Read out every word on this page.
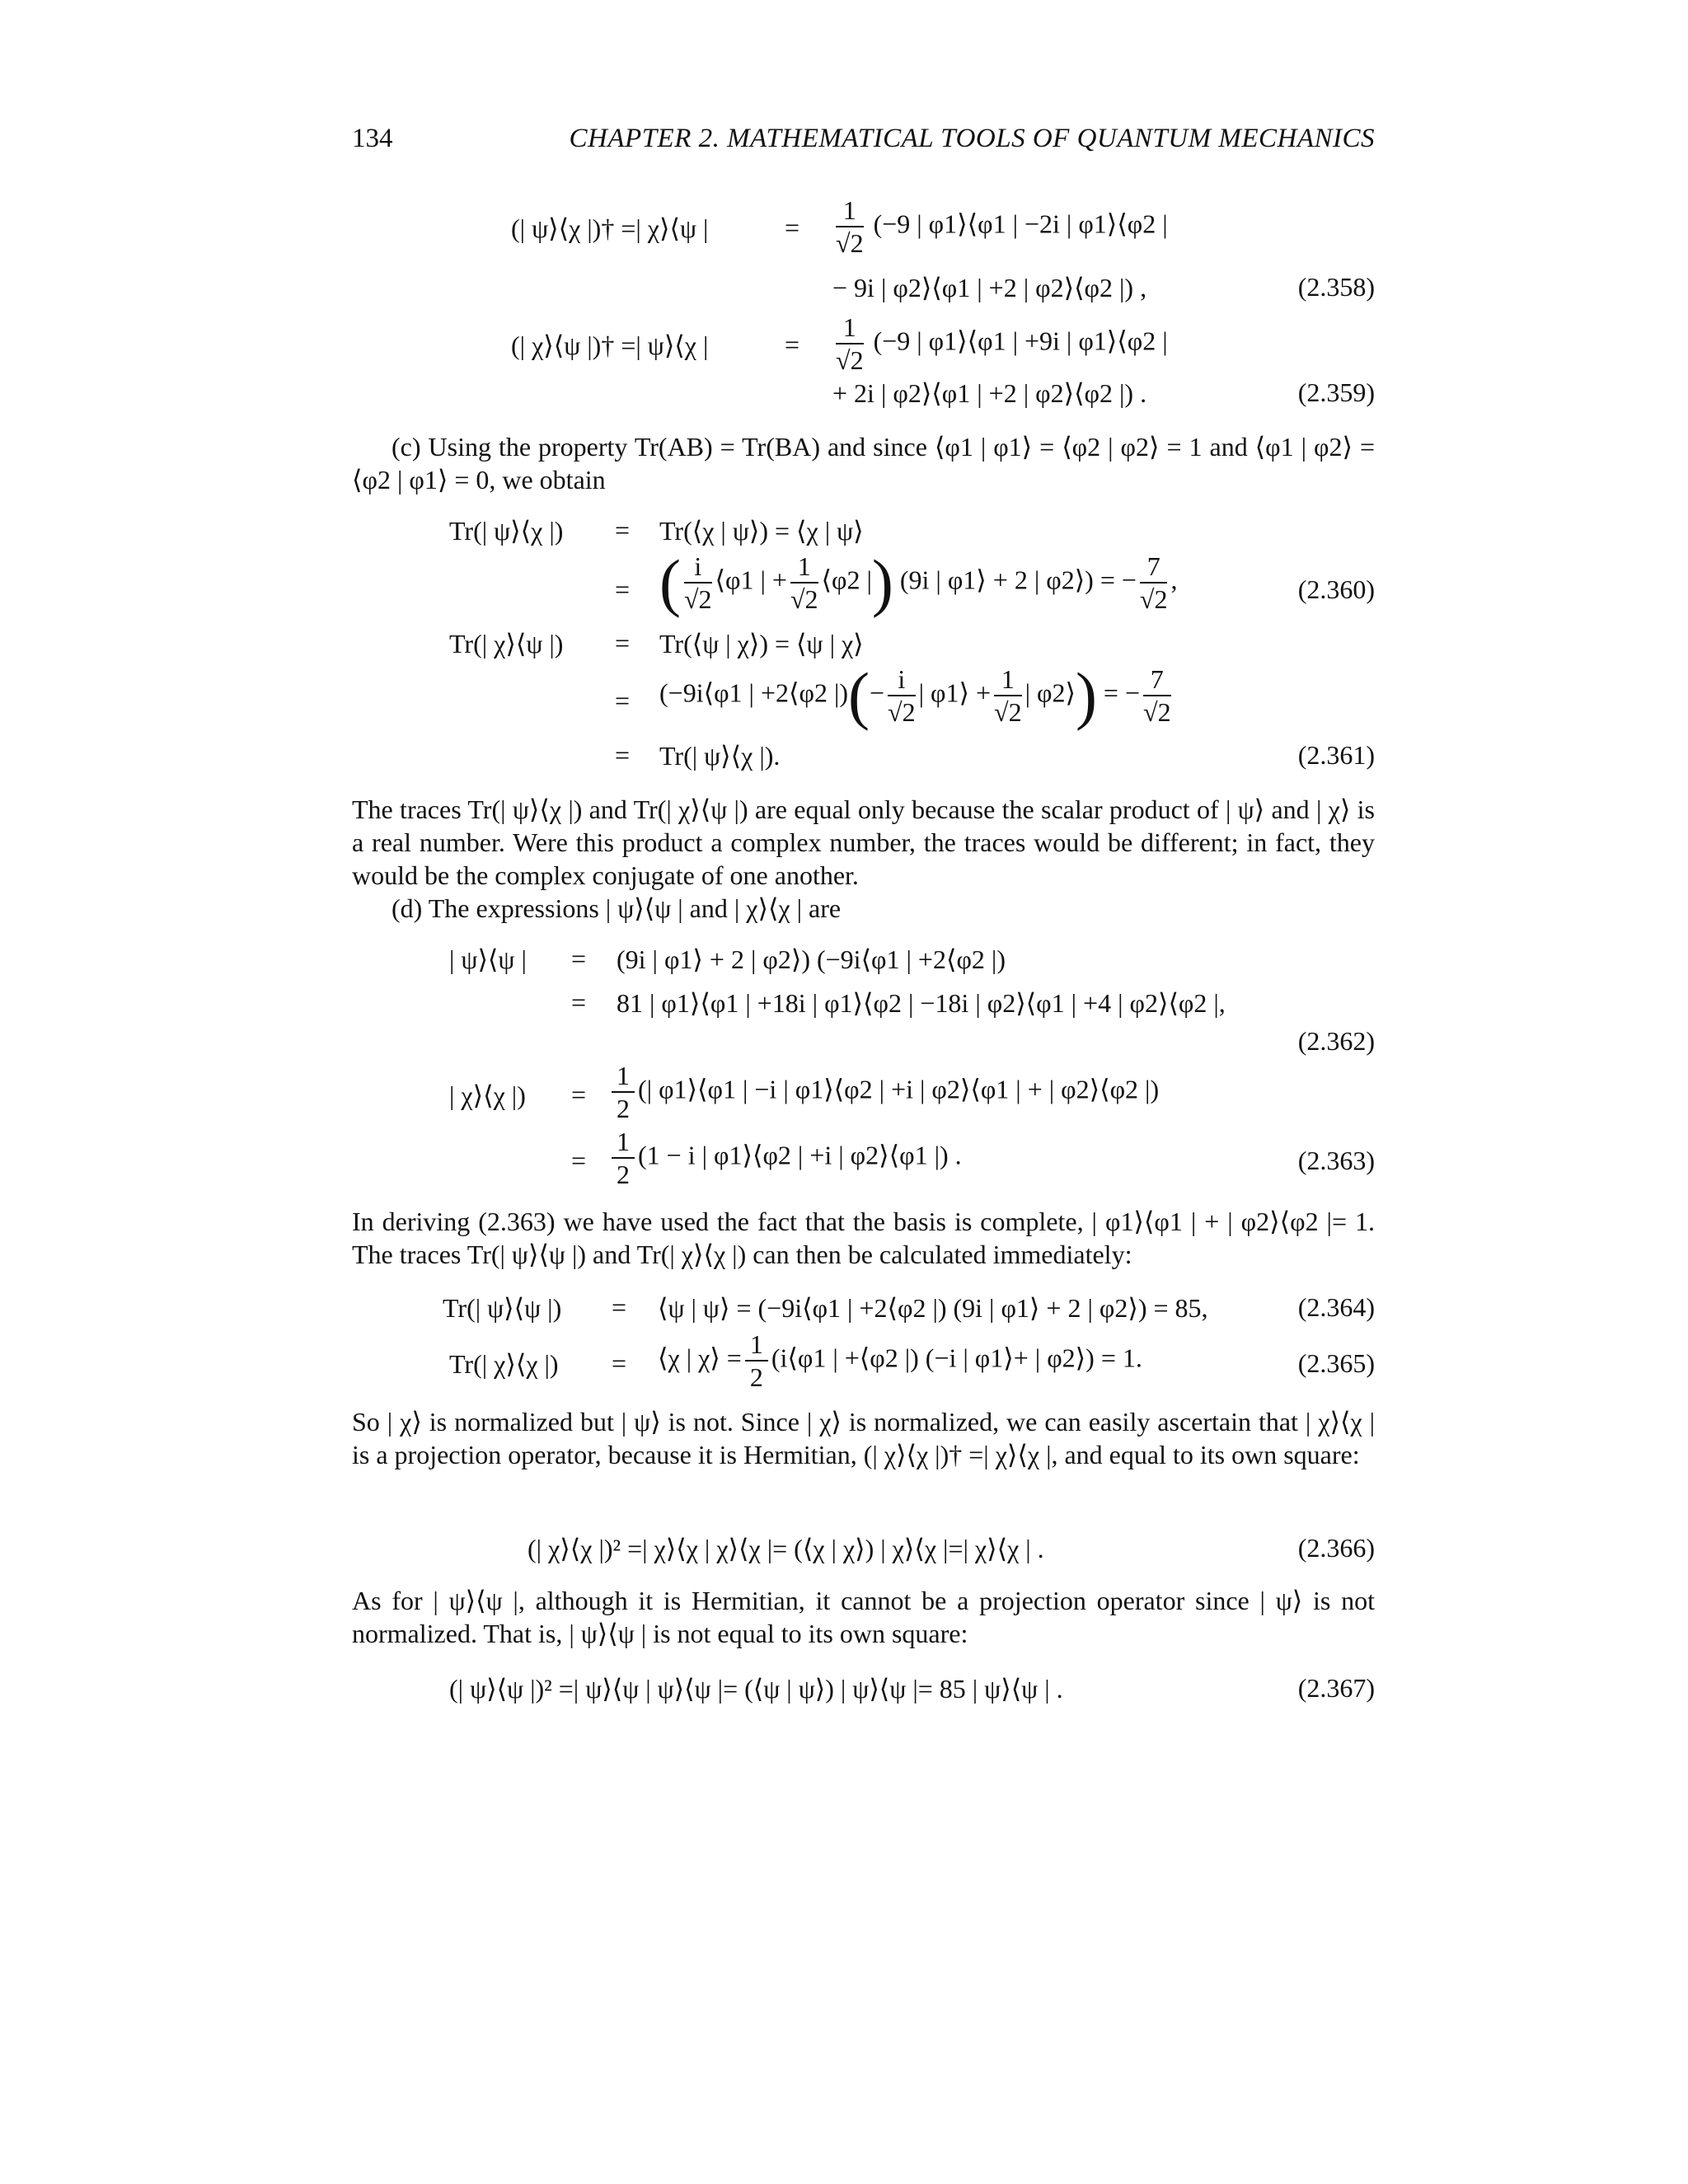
134	CHAPTER 2. MATHEMATICAL TOOLS OF QUANTUM MECHANICS
(| ψ⟩⟨χ |)† =| χ⟩⟨ψ |	= $\frac{1}{√2} (-9$ | φ1⟩⟨φ1 | −2i | φ1⟩⟨φ2 |
− 9i | φ2⟩⟨φ1 | +2 | φ2⟩⟨φ2 |) ,	(2.358)
(| χ⟩⟨ψ |)† =| ψ⟩⟨χ |	= $\frac{1}{√2} (-9$ | φ1⟩⟨φ1 | +9i | φ1⟩⟨φ2 |
+ 2i | φ2⟩⟨φ1 | +2 | φ2⟩⟨φ2 |) .	(2.359)
(c) Using the property Tr(AB) = Tr(BA) and since ⟨φ1 | φ1⟩ = ⟨φ2 | φ2⟩ = 1 and ⟨φ1 | φ2⟩ = ⟨φ2 | φ1⟩ = 0, we obtain
Tr(| ψ⟩⟨χ |) = Tr(⟨χ | ψ⟩) = ⟨χ | ψ⟩
= ( $\frac{i}{√2}$ ⟨φ1 | + $\frac{1}{√2}$ ⟨φ2 |) (9i | φ1⟩ + 2 | φ2⟩) = − $\frac{7}{√2}$ ,	(2.360)
Tr(| χ⟩⟨ψ |) = Tr(⟨ψ | χ⟩) = ⟨ψ | χ⟩
= (−9i⟨φ1 | +2⟨φ2 |)(− $\frac{i}{√2}$ | φ1⟩ + $\frac{1}{√2}$ | φ2⟩) = − $\frac{7}{√2}$
= Tr(| ψ⟩⟨χ |).	(2.361)
The traces Tr(| ψ⟩⟨χ |) and Tr(| χ⟩⟨ψ |) are equal only because the scalar product of | ψ⟩ and | χ⟩ is a real number. Were this product a complex number, the traces would be different; in fact, they would be the complex conjugate of one another.
(d) The expressions | ψ⟩⟨ψ | and | χ⟩⟨χ | are
| ψ⟩⟨ψ | = (9i | φ1⟩ + 2 | φ2⟩) (−9i⟨φ1 | +2⟨φ2 |)
= 81 | φ1⟩⟨φ1 | +18i | φ1⟩⟨φ2 | −18i | φ2⟩⟨φ1 | +4 | φ2⟩⟨φ2 |,
(2.362)
| χ⟩⟨χ |) = $\frac{1}{2}$ (| φ1⟩⟨φ1 | −i | φ1⟩⟨φ2 | +i | φ2⟩⟨φ1 | + | φ2⟩⟨φ2 |)
= $\frac{1}{2} (1 - i$ | φ1⟩⟨φ2 | +i | φ2⟩⟨φ1 |) .	(2.363)
In deriving (2.363) we have used the fact that the basis is complete, | φ1⟩⟨φ1 | + | φ2⟩⟨φ2 |= 1. The traces Tr(| ψ⟩⟨ψ |) and Tr(| χ⟩⟨χ |) can then be calculated immediately:
Tr(| ψ⟩⟨ψ |) = ⟨ψ | ψ⟩ = (−9i⟨φ1 | +2⟨φ2 |) (9i | φ1⟩ + 2 | φ2⟩) = 85,	(2.364)
Tr(| χ⟩⟨χ |) = ⟨χ | χ⟩ = $\frac{1}{2}$ (i⟨φ1 | +⟨φ2 |) (−i | φ1⟩+ | φ2⟩) = 1.	(2.365)
So | χ⟩ is normalized but | ψ⟩ is not. Since | χ⟩ is normalized, we can easily ascertain that | χ⟩⟨χ | is a projection operator, because it is Hermitian, (| χ⟩⟨χ |)† =| χ⟩⟨χ |, and equal to its own square:
(| χ⟩⟨χ |)² =| χ⟩⟨χ | χ⟩⟨χ |= (⟨χ | χ⟩) | χ⟩⟨χ |=| χ⟩⟨χ | .	(2.366)
As for | ψ⟩⟨ψ |, although it is Hermitian, it cannot be a projection operator since | ψ⟩ is not normalized. That is, | ψ⟩⟨ψ | is not equal to its own square:
(| ψ⟩⟨ψ |)² =| ψ⟩⟨ψ | ψ⟩⟨ψ |= (⟨ψ | ψ⟩) | ψ⟩⟨ψ |= 85 | ψ⟩⟨ψ | .	(2.367)
